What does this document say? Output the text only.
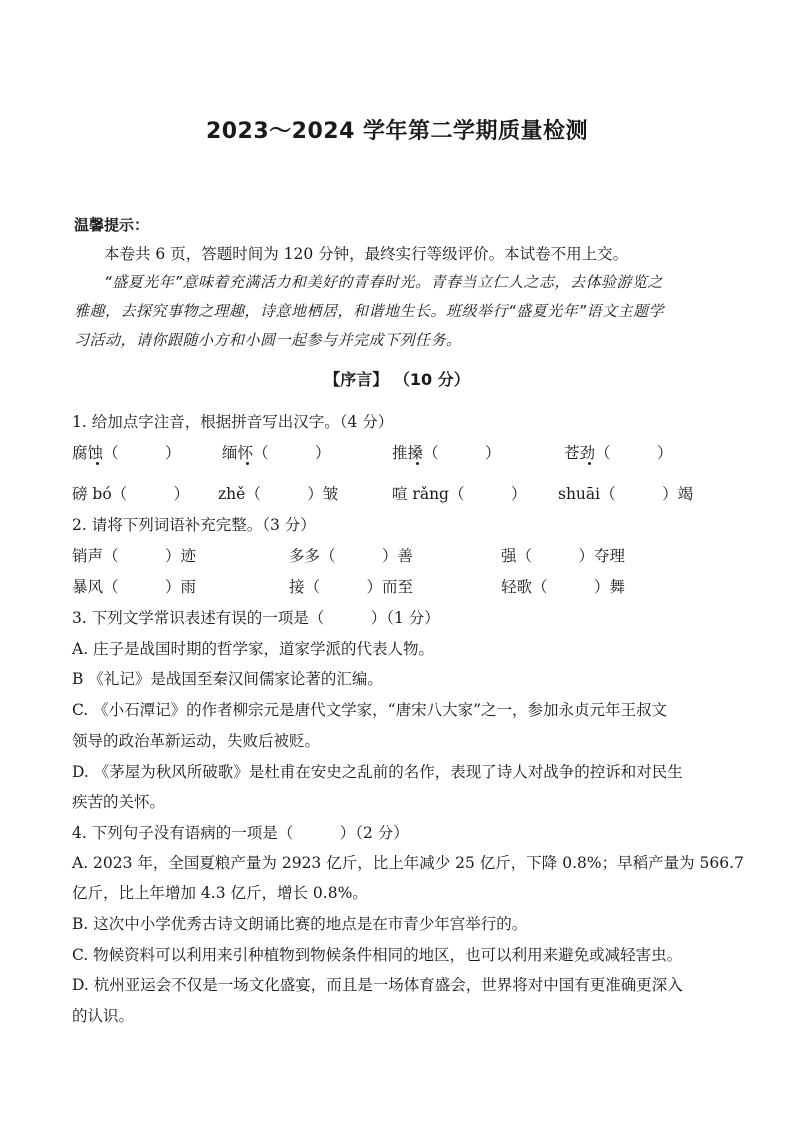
2023～2024 学年第二学期质量检测
温馨提示：
本卷共 6 页，答题时间为 120 分钟，最终实行等级评价。本试卷不用上交。
“盛夏光年”意味着充满活力和美好的青春时光。青春当立仁人之志，去体验游览之
雅趣，去探究事物之理趣，诗意地栖居，和谐地生长。班级举行“盛夏光年”语文主题学
习活动，请你跟随小方和小圆一起参与并完成下列任务。
【序言】 （10 分）
1. 给加点字注音，根据拼音写出汉字。（4 分）
腐蚀（　　　）	缅怀（　　　）	推搡（　　　）	苍劲（　　　）
磅 bó（　　　） zhě（　　　）皱	喧 rǎng（　　　） shuāi（　　　）竭
2. 请将下列词语补充完整。（3 分）
销声（　　　）迹	多多（　　　）善	强（　　　）夺理
暴风（　　　）雨	接（　　　）而至	轻歌（　　　）舞
3. 下列文学常识表述有误的一项是（　　　）（1 分）
A. 庄子是战国时期的哲学家，道家学派的代表人物。
B 《礼记》是战国至秦汉间儒家论著的汇编。
C. 《小石潭记》的作者柳宗元是唐代文学家，“唐宋八大家”之一，参加永贞元年王叔文
领导的政治革新运动，失败后被贬。
D. 《茅屋为秋风所破歌》是杜甫在安史之乱前的名作，表现了诗人对战争的控诉和对民生
疾苦的关怀。
4. 下列句子没有语病的一项是（　　　）（2 分）
A. 2023 年，全国夏粮产量为 2923 亿斤，比上年减少 25 亿斤，下降 0.8%；早稻产量为 566.7
亿斤，比上年增加 4.3 亿斤，增长 0.8%。
B. 这次中小学优秀古诗文朗诵比赛的地点是在市青少年宫举行的。
C. 物候资料可以利用来引种植物到物候条件相同的地区，也可以利用来避免或减轻害虫。
D. 杭州亚运会不仅是一场文化盛宴，而且是一场体育盛会，世界将对中国有更准确更深入
的认识。
